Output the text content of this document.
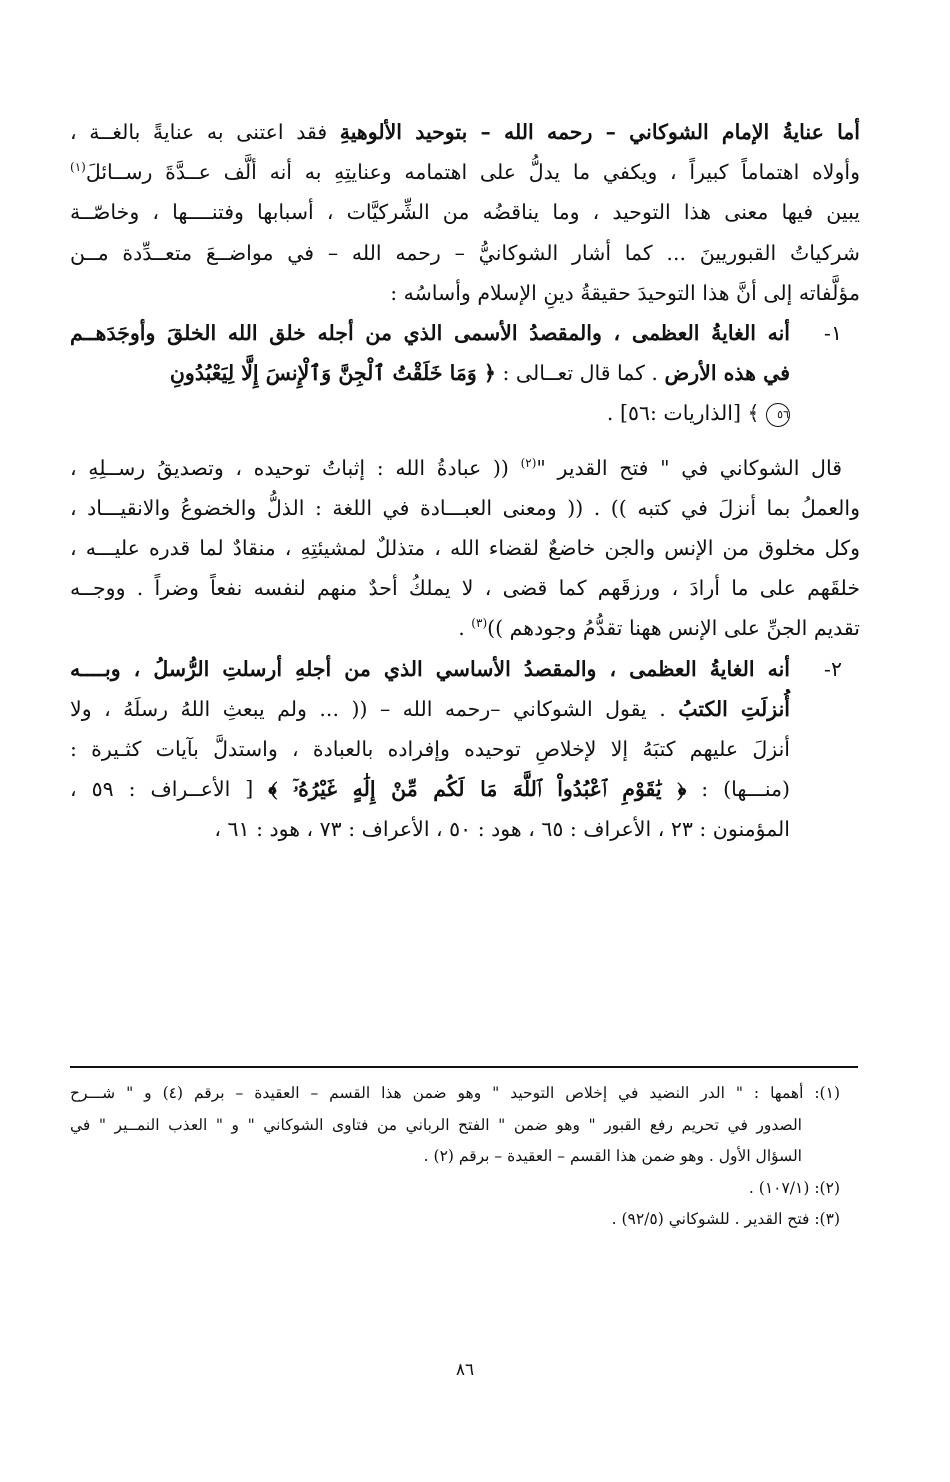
أما عنايةُ الإمام الشوكاني – رحمه الله – بتوحيد الألوهيةِ فقد اعتنى به عنايةً بالغــة ،
وأولاه اهتماماً كبيراً ، ويكفي ما يدلُّ على اهتمامه وعنايتِهِ به أنه ألَّف عــدَّةَ رســائلَ$^{(١)}$
يبين فيها معنى هذا التوحيد ، وما يناقضُه من الشِّركيَّات ، أسبابها وفتنــــها ، وخاصّــة
شركياتُ القبوريينَ ... كما أشار الشوكانيُّ – رحمه الله – في مواضــعَ متعــدِّدة مــن
مؤلَّفاته إلى أنَّ هذا التوحيدَ حقيقةُ دينِ الإسلام وأساسُه :
١-أنه الغايةُ العظمى ، والمقصدُ الأسمى الذي من أجله خلق الله الخلقَ وأوجَدَهــم
في هذه الأرض . كما قال تعــالى : ﴿ وَمَا خَلَقْتُ ٱلْجِنَّ وَٱلْإِنسَ إِلَّا لِيَعْبُدُونِ
٥٦ ﴾ [الذاريات :٥٦] .
قال الشوكاني في " فتح القدير "$^{(٢)}$ (( عبادةُ الله : إثباتُ توحيده ، وتصديقُ رســلِهِ ،
والعملُ بما أنزلَ في كتبه )) . (( ومعنى العبـــادة في اللغة : الذلُّ والخضوعُ والانقيـــاد ،
وكل مخلوق من الإنس والجن خاضعٌ لقضاء الله ، متذللٌ لمشيئتِهِ ، منقادٌ لما قدره عليـــه ،
خلقَهم على ما أرادَ ، ورزقَهم كما قضى ، لا يملكُ أحدٌ منهم لنفسه نفعاً وضراً . ووجــه
تقديم الجنِّ على الإنس ههنا تقدُّمُ وجودهم ))$^{(٣)}$ .
٢-أنه الغايةُ العظمى ، والمقصدُ الأساسي الذي من أجلهِ أرسلتِ الرُّسلُ ، وبــــه
أُنزلَتِ الكتبُ . يقول الشوكاني –رحمه الله – (( ... ولم يبعثِ اللهُ رسلَهُ ، ولا
أنزلَ عليهم كتبَهُ إلا لإخلاصِ توحيده وإفراده بالعبادة ، واستدلَّ بآيات كثـيرة :
(منـــها) : ﴿ يَٰقَوْمِ ٱعْبُدُواْ ٱللَّهَ مَا لَكُم مِّنْ إِلَٰهٍ غَيْرُهُۥٓ ﴾ [ الأعــراف : ٥٩ ،
المؤمنون : ٢٣ ، الأعراف : ٦٥ ، هود : ٥٠ ، الأعراف : ٧٣ ، هود : ٦١ ،
(١): أهمها : " الدر النضيد في إخلاص التوحيد " وهو ضمن هذا القسم – العقيدة – برقم (٤) و " شـــرح
الصدور في تحريم رفع القبور " وهو ضمن " الفتح الرباني من فتاوى الشوكاني " و " العذب النمــير " في
السؤال الأول . وهو ضمن هذا القسم – العقيدة – برقم (٢) .
(٢): (١٠٧/١) .
(٣): فتح القدير . للشوكاني (٩٢/٥) .
٨٦
